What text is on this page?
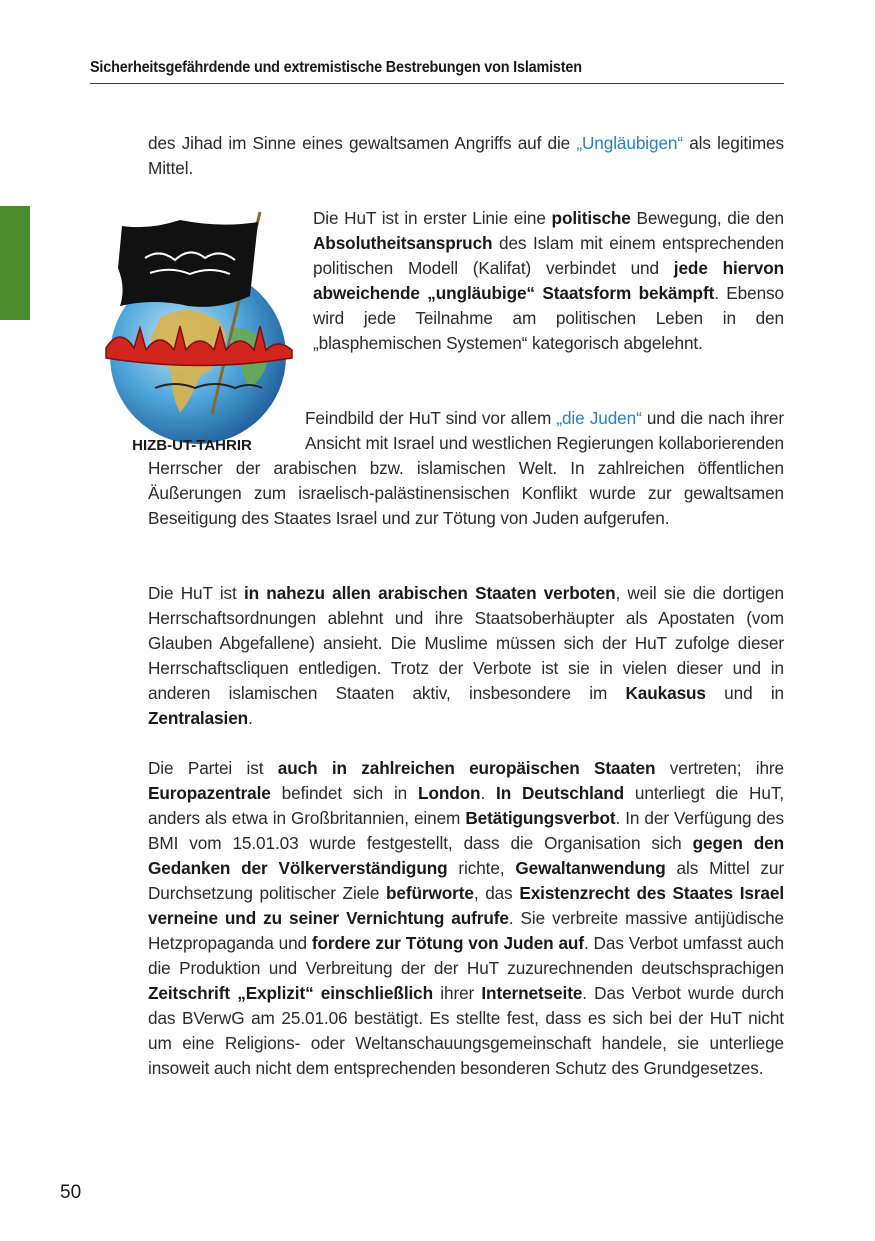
Sicherheitsgefährdende und extremistische Bestrebungen von Islamisten
des Jihad im Sinne eines gewaltsamen Angriffs auf die „Ungläubigen“ als legitimes Mittel.
HIZB-UT-TAHRIR
Die HuT ist in erster Linie eine politische Bewegung, die den Absolutheitsanspruch des Islam mit einem entsprechenden politischen Modell (Kalifat) verbindet und jede hiervon abweichende „ungläubige“ Staatsform bekämpft. Ebenso wird jede Teilnahme am politischen Leben in den „blasphemischen Systemen“ kategorisch abgelehnt.
Feindbild der HuT sind vor allem „die Juden“ und die nach ihrer Ansicht mit Israel und westlichen Regierungen kollaborierenden Herrscher der arabischen bzw. islamischen Welt. In zahlreichen öffentlichen Äußerungen zum israelisch-palästinensischen Konflikt wurde zur gewaltsamen Beseitigung des Staates Israel und zur Tötung von Juden aufgerufen.
Die HuT ist in nahezu allen arabischen Staaten verboten, weil sie die dortigen Herrschaftsordnungen ablehnt und ihre Staatsoberhäupter als Apostaten (vom Glauben Abgefallene) ansieht. Die Muslime müssen sich der HuT zufolge dieser Herrschaftscliquen entledigen. Trotz der Verbote ist sie in vielen dieser und in anderen islamischen Staaten aktiv, insbesondere im Kaukasus und in Zentralasien.
Die Partei ist auch in zahlreichen europäischen Staaten vertreten; ihre Europazentrale befindet sich in London. In Deutschland unterliegt die HuT, anders als etwa in Großbritannien, einem Betätigungsverbot. In der Verfügung des BMI vom 15.01.03 wurde festgestellt, dass die Organisation sich gegen den Gedanken der Völkerverständigung richte, Gewaltanwendung als Mittel zur Durchsetzung politischer Ziele befürworte, das Existenzrecht des Staates Israel verneine und zu seiner Vernichtung aufrufe. Sie verbreite massive antijüdische Hetzpropaganda und fordere zur Tötung von Juden auf. Das Verbot umfasst auch die Produktion und Verbreitung der der HuT zuzurechnenden deutschsprachigen Zeitschrift „Explizit“ einschließlich ihrer Internetseite. Das Verbot wurde durch das BVerwG am 25.01.06 bestätigt. Es stellte fest, dass es sich bei der HuT nicht um eine Religions- oder Weltanschauungsgemeinschaft handele, sie unterliege insoweit auch nicht dem entsprechenden besonderen Schutz des Grundgesetzes.
50
